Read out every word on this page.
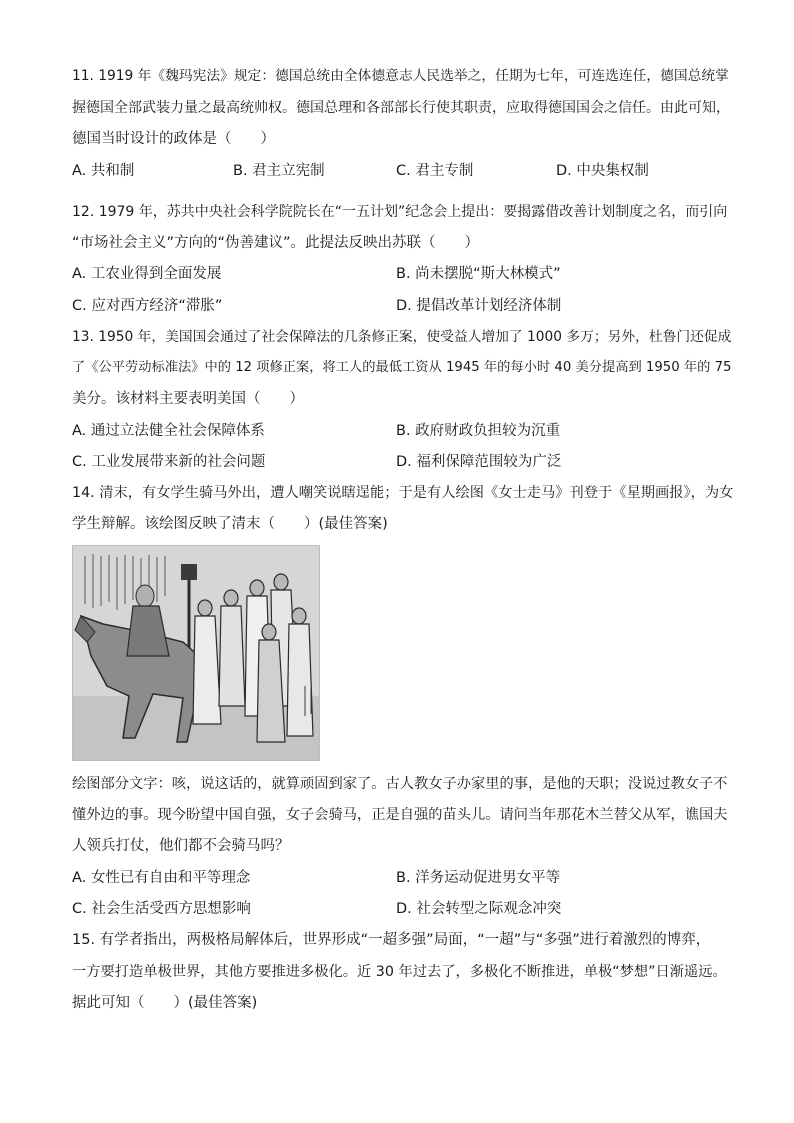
11. 1919 年《魏玛宪法》规定：德国总统由全体德意志人民选举之，任期为七年，可连选连任，德国总统掌
握德国全部武装力量之最高统帅权。德国总理和各部部长行使其职责，应取得德国国会之信任。由此可知，
德国当时设计的政体是（　　）
A. 共和制	B. 君主立宪制	C. 君主专制	D. 中央集权制
12. 1979 年，苏共中央社会科学院院长在“一五计划”纪念会上提出：要揭露借改善计划制度之名，而引向
“市场社会主义”方向的“伪善建议”。此提法反映出苏联（　　）
A. 工农业得到全面发展	B. 尚未摆脱“斯大林模式”
C. 应对西方经济“滞胀”	D. 提倡改革计划经济体制
13. 1950 年，美国国会通过了社会保障法的几条修正案，使受益人增加了 1000 多万；另外，杜鲁门还促成
了《公平劳动标准法》中的 12 项修正案，将工人的最低工资从 1945 年的每小时 40 美分提高到 1950 年的 75
美分。该材料主要表明美国（　　）
A. 通过立法健全社会保障体系	B. 政府财政负担较为沉重
C. 工业发展带来新的社会问题	D. 福利保障范围较为广泛
14. 清末，有女学生骑马外出，遭人嘲笑说瞎逞能；于是有人绘图《女士走马》刊登于《星期画报》，为女
学生辩解。该绘图反映了清末（　　）(最佳答案)
绘图部分文字：咳，说这话的，就算顽固到家了。古人教女子办家里的事，是他的天职；没说过教女子不
懂外边的事。现今盼望中国自强，女子会骑马，正是自强的苗头儿。请问当年那花木兰替父从军，谯国夫
人领兵打仗，他们都不会骑马吗？
A. 女性已有自由和平等理念	B. 洋务运动促进男女平等
C. 社会生活受西方思想影响	D. 社会转型之际观念冲突
15. 有学者指出，两极格局解体后，世界形成“一超多强”局面，“一超”与“多强”进行着激烈的博弈，
一方要打造单极世界，其他方要推进多极化。近 30 年过去了，多极化不断推进，单极“梦想”日渐遥远。
据此可知（　　）(最佳答案)
